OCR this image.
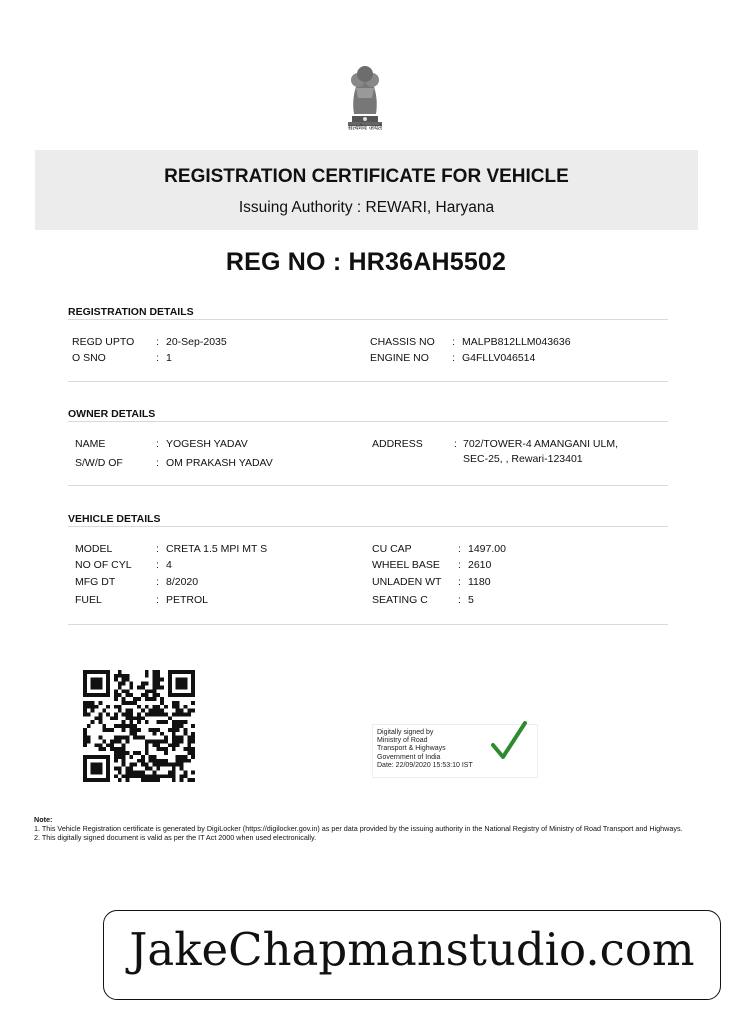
सत्यमेव जयते
REGISTRATION CERTIFICATE FOR VEHICLE
Issuing Authority : REWARI, Haryana
REG NO : HR36AH5502
REGISTRATION DETAILS
REGD UPTO : 20-Sep-2035
O SNO	: 1
CHASSIS NO : MALPB812LLM043636
ENGINE NO : G4FLLV046514
OWNER DETAILS
NAME	: YOGESH YADAV
S/W/D OF	: OM PRAKASH YADAV
ADDRESS	: 702/TOWER-4 AMANGANI ULM,
SEC-25, , Rewari-123401
VEHICLE DETAILS
MODEL	: CRETA 1.5 MPI MT S
NO OF CYL : 4
MFG DT	: 8/2020
FUEL	: PETROL
CU CAP	: 1497.00
WHEEL BASE : 2610
UNLADEN WT : 1180
SEATING C	: 5
Digitally signed by
Ministry of Road
Transport & Highways
Government of India
Date: 22/09/2020 15:53:10 IST
Note:
1. This Vehicle Registration certificate is generated by DigiLocker (https://digilocker.gov.in) as per data provided by the issuing authority in the National Registry of Ministry of Road Transport and Highways.
2. This digitally signed document is valid as per the IT Act 2000 when used electronically.
JakeChapmanstudio.com
